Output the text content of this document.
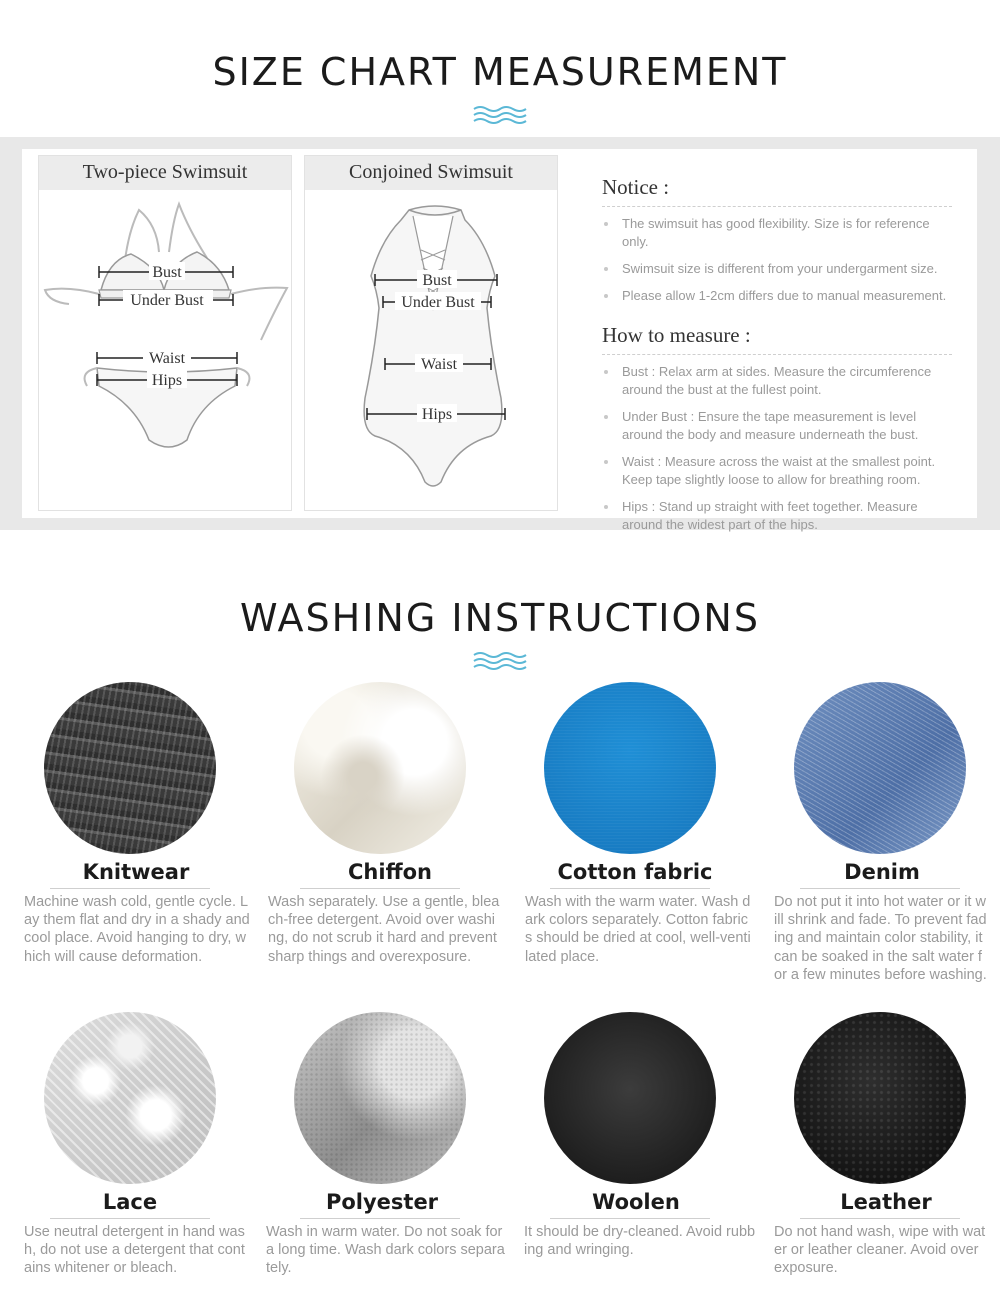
SIZE CHART MEASUREMENT
Two-piece Swimsuit
Bust
Under Bust
Waist
Hips
Conjoined Swimsuit
Bust
Under Bust
Waist
Hips

Notice :

The swimsuit has good flexibility. Size is for reference only.
Swimsuit size is different from your undergarment size.
Please allow 1-2cm differs due to manual measurement.

How to measure :

Bust : Relax arm at sides. Measure the circumference around the bust at the fullest point.
Under Bust : Ensure the tape measurement is level around the body and measure underneath the bust.
Waist : Measure across the waist at the smallest point. Keep tape slightly loose to allow for breathing room.
Hips : Stand up straight with feet together. Measure around the widest part of the hips.
WASHING INSTRUCTIONS
Knitwear
Machine wash cold, gentle cycle. Lay them flat and dry in a shady and cool place. Avoid hanging to dry, which will cause deformation.
Chiffon
Wash separately. Use a gentle, bleach-free detergent. Avoid over washing, do not scrub it hard and prevent sharp things and overexposure.
Cotton fabric
Wash with the warm water. Wash dark colors separately. Cotton fabrics should be dried at cool, well-ventilated place.
Denim
Do not put it into hot water or it will shrink and fade. To prevent fading and maintain color stability, it can be soaked in the salt water for a few minutes before washing.
Lace
Use neutral detergent in hand wash, do not use a detergent that contains whitener or bleach.
Polyester
Wash in warm water. Do not soak for a long time. Wash dark colors separately.
Woolen
It should be dry-cleaned. Avoid rubbing and wringing.
Leather
Do not hand wash, wipe with water or leather cleaner. Avoid over exposure.
